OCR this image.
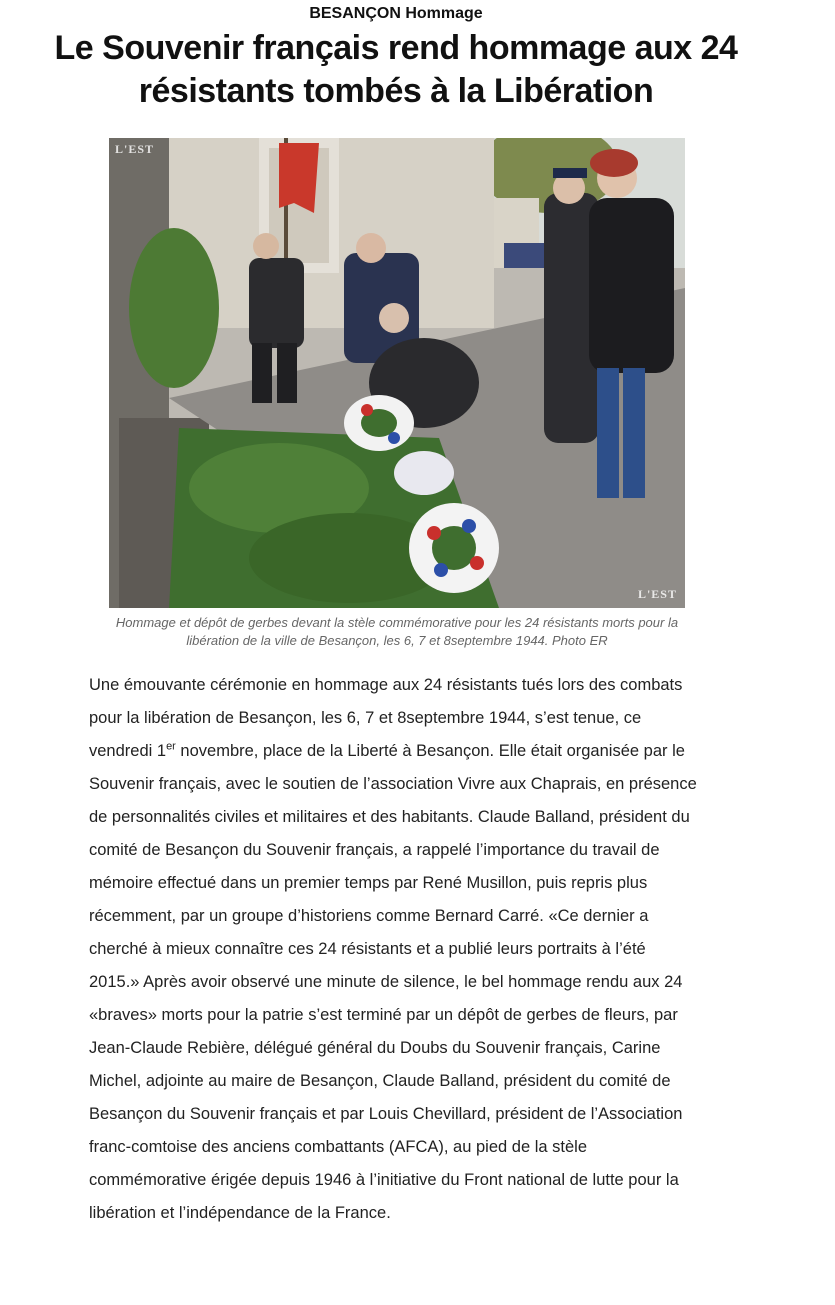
BESANÇON Hommage
Le Souvenir français rend hommage aux 24 résistants tombés à la Libération
L'EST
L'EST
Hommage et dépôt de gerbes devant la stèle commémorative pour les 24 résistants morts pour la libération de la ville de Besançon, les 6, 7 et 8septembre 1944. Photo ER
Une émouvante cérémonie en hommage aux 24 résistants tués lors des combats pour la libération de Besançon, les 6, 7 et 8septembre 1944, s’est tenue, ce vendredi 1er novembre, place de la Liberté à Besançon. Elle était organisée par le Souvenir français, avec le soutien de l’association Vivre aux Chaprais, en présence de personnalités civiles et militaires et des habitants. Claude Balland, président du comité de Besançon du Souvenir français, a rappelé l’importance du travail de mémoire effectué dans un premier temps par René Musillon, puis repris plus récemment, par un groupe d’historiens comme Bernard Carré. «Ce dernier a cherché à mieux connaître ces 24 résistants et a publié leurs portraits à l’été 2015.» Après avoir observé une minute de silence, le bel hommage rendu aux 24 «braves» morts pour la patrie s’est terminé par un dépôt de gerbes de fleurs, par Jean-Claude Rebière, délégué général du Doubs du Souvenir français, Carine Michel, adjointe au maire de Besançon, Claude Balland, président du comité de Besançon du Souvenir français et par Louis Chevillard, président de l’Association franc-comtoise des anciens combattants (AFCA), au pied de la stèle commémorative érigée depuis 1946 à l’initiative du Front national de lutte pour la libération et l’indépendance de la France.
